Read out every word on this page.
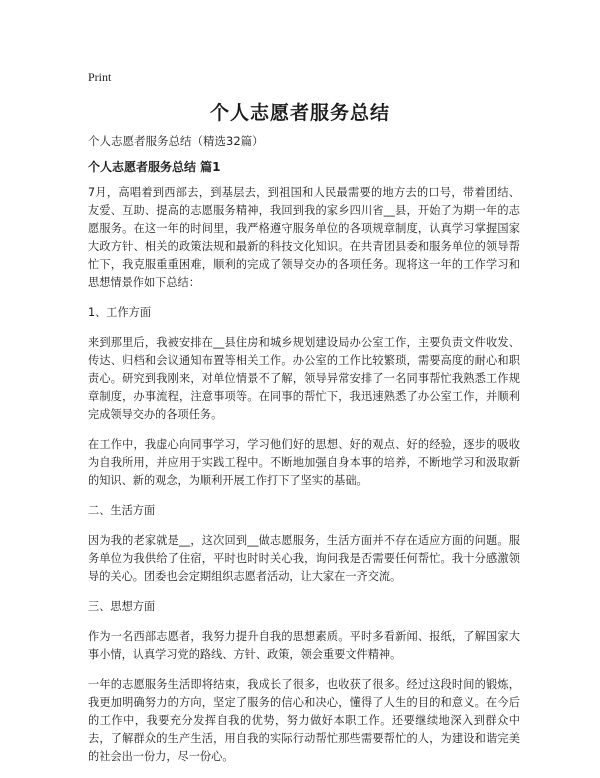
Print
个人志愿者服务总结
个人志愿者服务总结（精选32篇）
个人志愿者服务总结 篇1

7月，高唱着到西部去，到基层去，到祖国和人民最需要的地方去的口号，带着团结、友爱、互助、提高的志愿服务精神，我回到我的家乡四川省__县，开始了为期一年的志愿服务。在这一年的时间里，我严格遵守服务单位的各项规章制度，认真学习掌握国家大政方针、相关的政策法规和最新的科技文化知识。在共青团县委和服务单位的领导帮忙下，我克服重重困难，顺利的完成了领导交办的各项任务。现将这一年的工作学习和思想情景作如下总结：

1、工作方面

来到那里后，我被安排在__县住房和城乡规划建设局办公室工作，主要负责文件收发、传达、归档和会议通知布置等相关工作。办公室的工作比较繁琐，需要高度的耐心和职责心。研究到我刚来，对单位情景不了解，领导异常安排了一名同事帮忙我熟悉工作规章制度，办事流程，注意事项等。在同事的帮忙下，我迅速熟悉了办公室工作，并顺利完成领导交办的各项任务。

在工作中，我虚心向同事学习，学习他们好的思想、好的观点、好的经验，逐步的吸收为自我所用，并应用于实践工程中。不断地加强自身本事的培养，不断地学习和汲取新的知识、新的观念，为顺利开展工作打下了坚实的基础。

二、生活方面

因为我的老家就是__，这次回到__做志愿服务，生活方面并不存在适应方面的问题。服务单位为我供给了住宿，平时也时时关心我，询问我是否需要任何帮忙。我十分感激领导的关心。团委也会定期组织志愿者活动，让大家在一齐交流。

三、思想方面

作为一名西部志愿者，我努力提升自我的思想素质。平时多看新闻、报纸，了解国家大事小情，认真学习党的路线、方针、政策，领会重要文件精神。

一年的志愿服务生活即将结束，我成长了很多，也收获了很多。经过这段时间的锻炼，我更加明确努力的方向，坚定了服务的信心和决心，懂得了人生的目的和意义。在今后的工作中，我要充分发挥自我的优势，努力做好本职工作。还要继续地深入到群众中去，了解群众的生产生活，用自我的实际行动帮忙那些需要帮忙的人，为建设和谐完美的社会出一份力，尽一份心。
